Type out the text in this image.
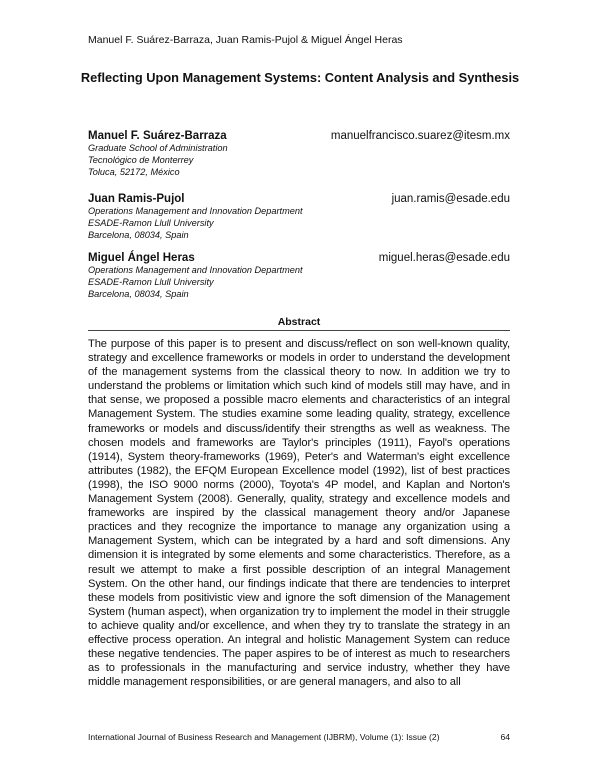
Manuel F. Suárez-Barraza, Juan Ramis-Pujol & Miguel Ángel Heras
Reflecting Upon Management Systems: Content Analysis and Synthesis
Manuel F. Suárez-Barraza	manuelfrancisco.suarez@itesm.mx
Graduate School of Administration
Tecnológico de Monterrey
Toluca, 52172, México
Juan Ramis-Pujol	juan.ramis@esade.edu
Operations Management and Innovation Department
ESADE-Ramon Llull University
Barcelona, 08034, Spain
Miguel Ángel Heras	miguel.heras@esade.edu
Operations Management and Innovation Department
ESADE-Ramon Llull University
Barcelona, 08034, Spain
Abstract

The purpose of this paper is to present and discuss/reflect on son well-known quality, strategy and excellence frameworks or models in order to understand the development of the management systems from the classical theory to now. In addition we try to understand the problems or limitation which such kind of models still may have, and in that sense, we proposed a possible macro elements and characteristics of an integral Management System. The studies examine some leading quality, strategy, excellence frameworks or models and discuss/identify their strengths as well as weakness. The chosen models and frameworks are Taylor's principles (1911), Fayol's operations (1914), System theory-frameworks (1969), Peter's and Waterman's eight excellence attributes (1982), the EFQM European Excellence model (1992), list of best practices (1998), the ISO 9000 norms (2000), Toyota's 4P model, and Kaplan and Norton's Management System (2008). Generally, quality, strategy and excellence models and frameworks are inspired by the classical management theory and/or Japanese practices and they recognize the importance to manage any organization using a Management System, which can be integrated by a hard and soft dimensions. Any dimension it is integrated by some elements and some characteristics. Therefore, as a result we attempt to make a first possible description of an integral Management System. On the other hand, our findings indicate that there are tendencies to interpret these models from positivistic view and ignore the soft dimension of the Management System (human aspect), when organization try to implement the model in their struggle to achieve quality and/or excellence, and when they try to translate the strategy in an effective process operation. An integral and holistic Management System can reduce these negative tendencies. The paper aspires to be of interest as much to researchers as to professionals in the manufacturing and service industry, whether they have middle management responsibilities, or are general managers, and also to all

International Journal of Business Research and Management (IJBRM), Volume (1): Issue (2)	64
